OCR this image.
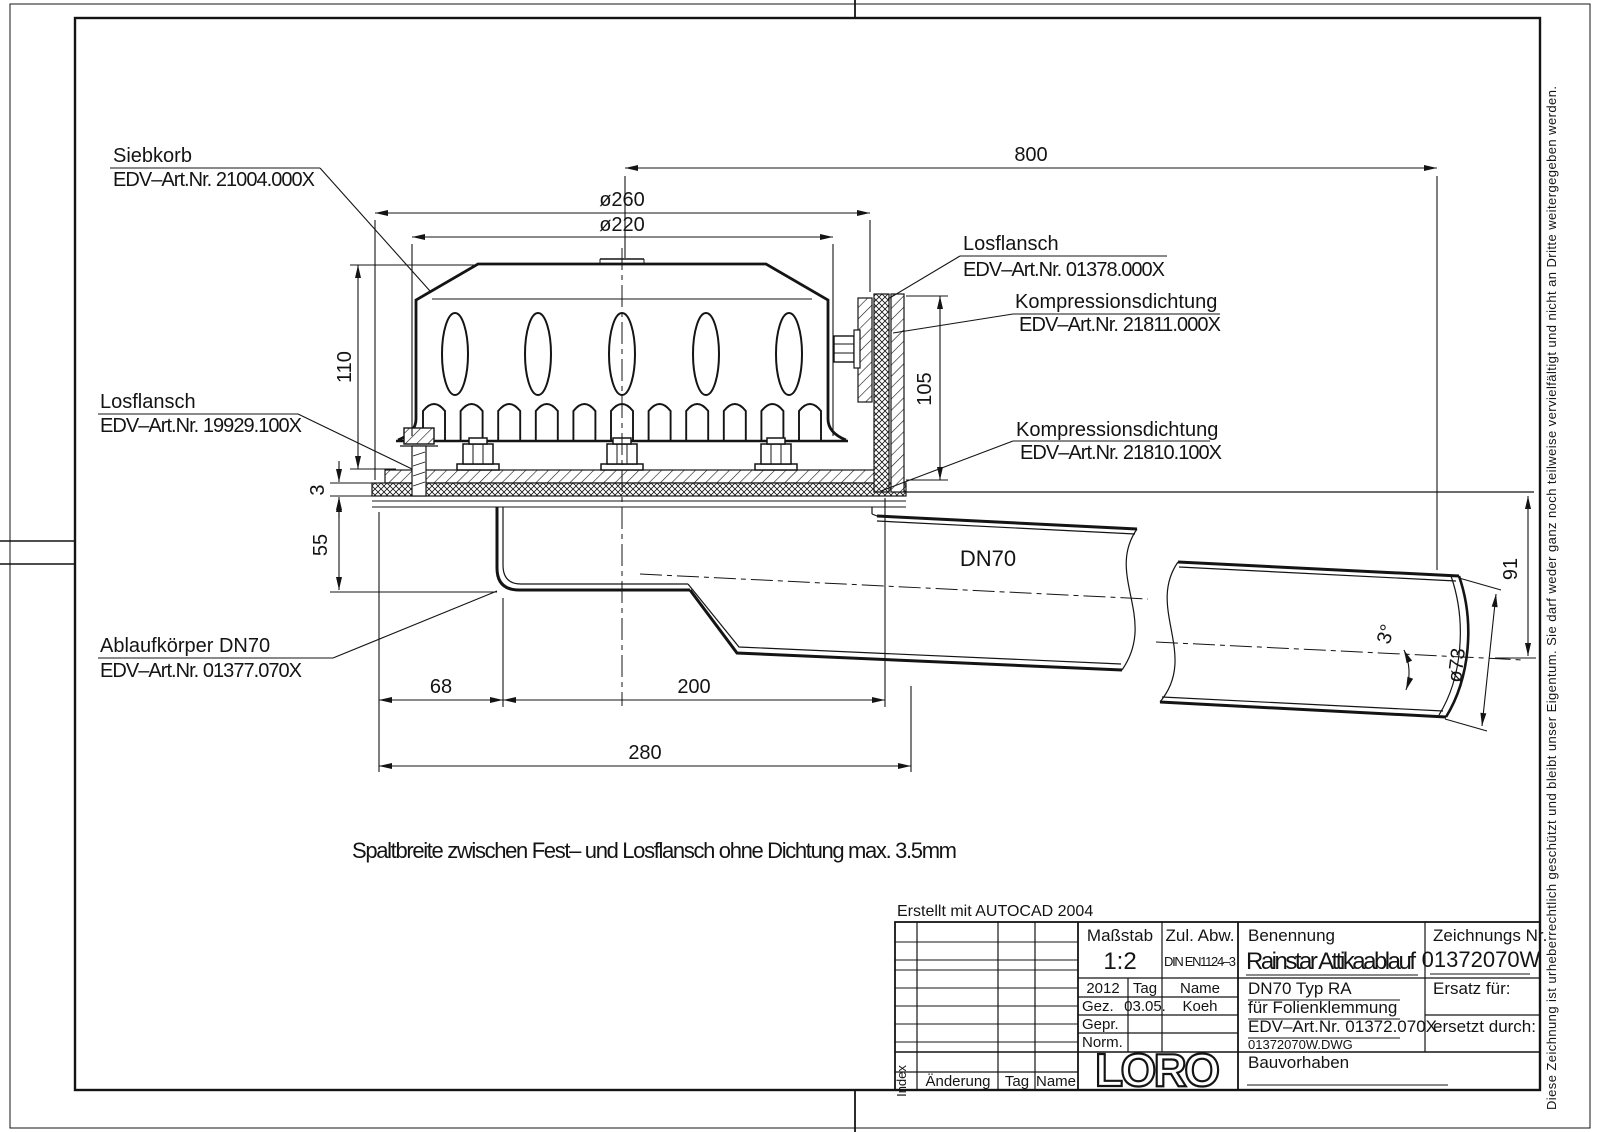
Diese Zeichnung ist urheberrechtlich geschützt und bleibt unser Eigentum. Sie darf weder ganz noch teilweise vervielfältigt und nicht an Dritte weitergegeben werden.
800
ø260
ø220
110
3
55
105
68	200
280
91
ø73
3°
Siebkorb
EDV–Art.Nr. 21004.000X
Losflansch
EDV–Art.Nr. 01378.000X
Kompressionsdichtung
EDV–Art.Nr. 21811.000X
Losflansch
EDV–Art.Nr. 19929.100X	Kompressionsdichtung
EDV–Art.Nr. 21810.100X
Ablaufkörper DN70
EDV–Art.Nr. 01377.070X
DN70
Spaltbreite zwischen Fest– und Losflansch ohne Dichtung max. 3.5mm
Erstellt mit AUTOCAD 2004
Maßstab
1:2
Zul. Abw.
DIN EN1124–3
2012 Tag Name
Gez. 03.05. Koeh
Gepr.
Norm.
Benennung
Rainstar Attikaablauf
Zeichnungs Nr.
01372070W
DN70 Typ RA
für Folienklemmung
EDV–Art.Nr. 01372.070X
01372070W.DWG
Ersatz für:
ersetzt durch:
Bauvorhaben
LORO
Index Änderung Tag Name
